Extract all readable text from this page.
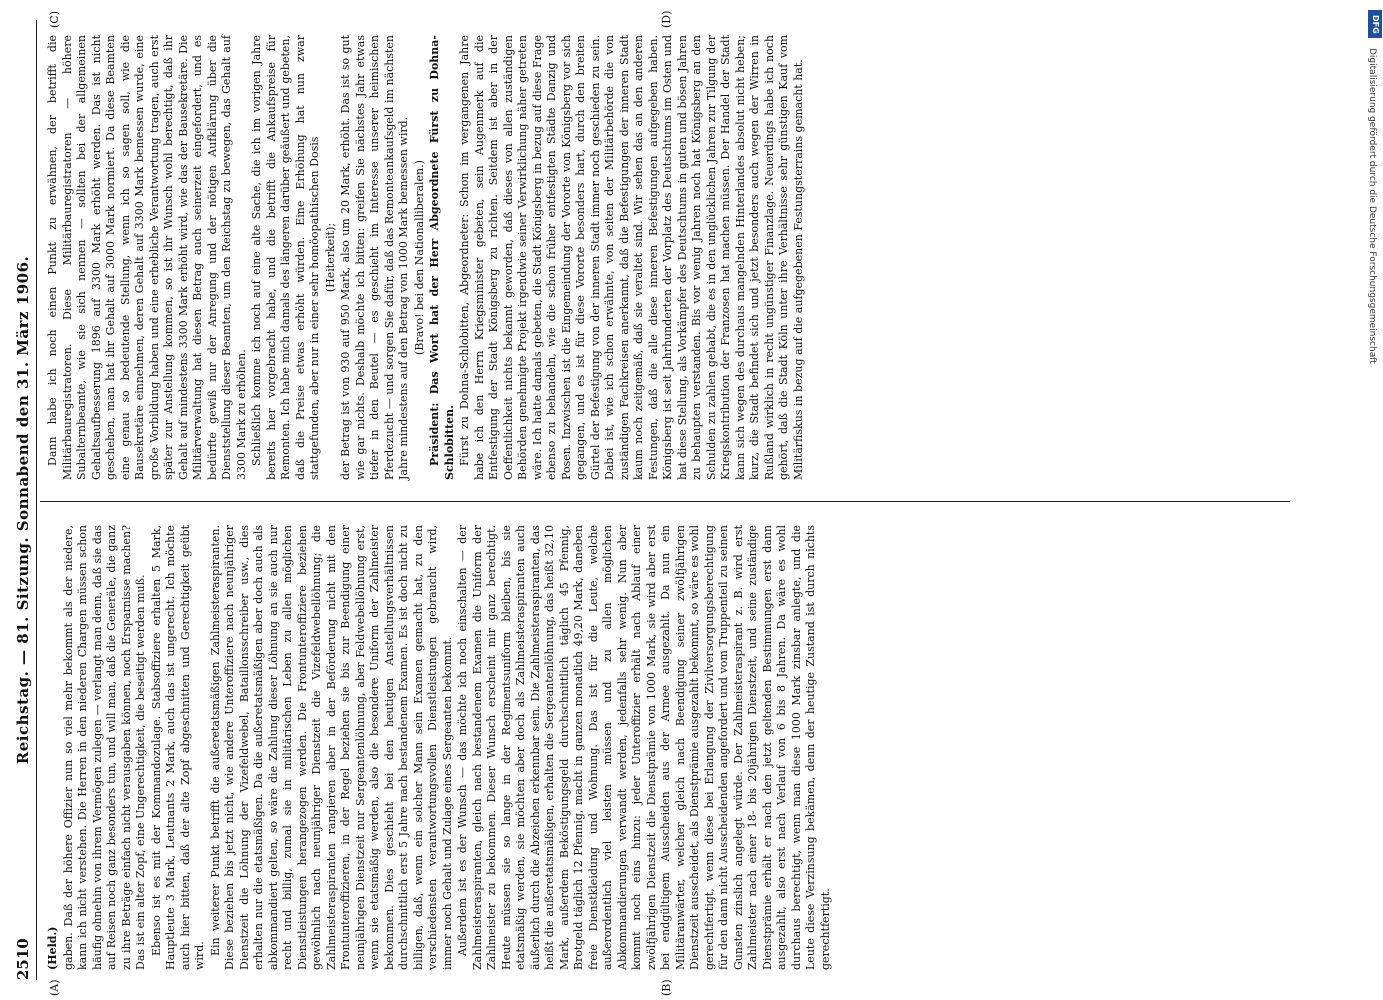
2510
Reichstag. — 81. Sitzung. Sonnabend den 31. März 1906.
(A)	(B)
(C)	(D)

(Held.) gaben. Daß der höhere Offizier nun so viel mehr bekommt als der niedere, kann ich nicht verstehen. Die Herren in den niederen Chargen müssen schon häufig ohnehin von ihrem Vermögen zulegen — verlangt man denn, daß sie das auf Reisen noch ganz besonders tun, und will man, daß die Generäle, die ganz zu ihre Beträge einfach nicht verausgaben können, noch Ersparnisse machen? Das ist ein alter Zopf, eine Ungerechtigkeit, die beseitigt werden muß. Ebenso ist es mit der Kommandozulage. Stabsoffiziere erhalten 5 Mark, Hauptleute 3 Mark, Leutnants 2 Mark, auch das ist ungerecht. Ich möchte auch hier bitten, daß der alte Zopf abgeschnitten und Gerechtigkeit geübt wird. Ein weiterer Punkt betrifft die außeretatsmäßigen Zahlmeisteraspiranten. Diese beziehen bis jetzt nicht, wie andere Unteroffiziere nach neunjähriger Dienstzeit die Löhnung der Vizefeldwebel, Bataillonsschreiber usw., dies erhalten nur die etatsmäßigen. Da die außeretatsmäßigen aber doch auch als abkommandiert gelten, so wäre die Zahlung dieser Löhnung an sie auch nur recht und billig, zumal sie in militärischen Leben zu allen möglichen Dienstleistungen herangezogen werden. Die Frontunteroffiziere beziehen gewöhnlich nach neunjähriger Dienstzeit die Vizefeldwebellöhnung; die Zahlmeisteraspiranten rangieren aber in der Beförderung nicht mit den Frontunteroffizieren, in der Regel beziehen sie bis zur Beendigung einer neunjährigen Dienstzeit nur Sergeantenlöhnung, aber Feldwebellöhnung erst, wenn sie etatsmäßig werden, also die besondere Uniform der Zahlmeister bekommen. Dies geschieht bei den heutigen Anstellungsverhältnissen durchschnittlich erst 5 Jahre nach bestandenem Examen. Es ist doch nicht zu billigen, daß, wenn ein solcher Mann sein Examen gemacht hat, zu den verschiedensten verantwortungsvollen Dienstleistungen gebraucht wird, immer noch Gehalt und Zulage eines Sergeanten bekommt. Außerdem ist es der Wunsch — das möchte ich noch einschalten — der Zahlmeisteraspiranten, gleich nach bestandenem Examen die Uniform der Zahlmeister zu bekommen. Dieser Wunsch erscheint mir ganz berechtigt. Heute müssen sie so lange in der Regimentsuniform bleiben, bis sie etatsmäßig werden, sie möchten aber doch als Zahlmeisteraspiranten auch äußerlich durch die Abzeichen erkennbar sein. Die Zahlmeisteraspiranten, das heißt die außeretatsmäßigen, erhalten die Sergeantenlöhnung, das heißt 32,10 Mark, außerdem Beköstigungsgeld durchschnittlich täglich 45 Pfennig, Brotgeld täglich 12 Pfennig, macht in ganzen monatlich 49,20 Mark, daneben freie Dienstkleidung und Wohnung. Das ist für die Leute, welche außerordentlich viel leisten müssen und zu allen möglichen Abkommandierungen verwandt werden, jedenfalls sehr wenig. Nun aber kommt noch eins hinzu: jeder Unteroffizier erhält nach Ablauf einer zwölfjährigen Dienstzeit die Dienstprämie von 1000 Mark, sie wird aber erst bei endgültigem Ausscheiden aus der Armee ausgezahlt. Da nun ein Militäranwärter, welcher gleich nach Beendigung seiner zwölfjährigen Dienstzeit ausscheidet, als Dienstprämie ausgezahlt bekommt, so wäre es wohl gerechtfertigt, wenn diese bei Erlangung der Zivilversorgungsberechtigung für den dann nicht Ausscheidenden angefordert und vom Truppenteil zu seinen Gunsten zinslich angelegt würde. Der Zahlmeisteraspirant z. B. wird erst Zahlmeister nach einer 18- bis 20jährigen Dienstzeit, und seine zuständige Dienstprämie erhält er nach den jetzt geltenden Bestimmungen erst dann ausgezahlt, also erst nach Verlauf von 6 bis 8 Jahren. Da wäre es wohl durchaus berechtigt, wenn man diese 1000 Mark zinsbar anlegte, und die Leute diese Verzinsung bekämen, denn der heutige Zustand ist durch nichts gerechtfertigt.

Dann habe ich noch einen Punkt zu erwähnen, der betrifft die Militärbauregistratoren. Diese Militärbauregistratoren — höhere Subalternbeamte, wie sie sich nennen — sollten bei der allgemeinen Gehaltsaufbesserung 1896 auf 3300 Mark erhöht werden. Das ist nicht geschehen, man hat ihr Gehalt auf 3000 Mark normiert. Da diese Beamten eine genau so bedeutende Stellung, wenn ich so sagen soll, wie die Bausekretäre einnehmen, deren Gehalt auf 3300 Mark bemessen wurde, eine große Vorbildung haben und eine erhebliche Verantwortung tragen, auch erst später zur Anstellung kommen, so ist ihr Wunsch wohl berechtigt, daß ihr Gehalt auf mindestens 3300 Mark erhöht wird, wie das der Bausekretäre. Die Militärverwaltung hat diesen Betrag auch seinerzeit eingefordert, und es bedürfte gewiß nur der Anregung und der nötigen Aufklärung über die Dienststellung dieser Beamten, um den Reichstag zu bewegen, das Gehalt auf 3300 Mark zu erhöhen. Schließlich komme ich noch auf eine alte Sache, die ich im vorigen Jahre bereits hier vorgebracht habe, und die betrifft die Ankaufspreise für Remonten. Ich habe mich damals des längeren darüber geäußert und gebeten, daß die Preise etwas erhöht würden. Eine Erhöhung hat nun zwar stattgefunden, aber nur in einer sehr homöopathischen Dosis (Heiterkeit); der Betrag ist von 930 auf 950 Mark, also um 20 Mark, erhöht. Das ist so gut wie gar nichts. Deshalb möchte ich bitten: greifen Sie nächstes Jahr etwas tiefer in den Beutel — es geschieht im Interesse unserer heimischen Pferdezucht — und sorgen Sie dafür, daß das Remonteankaufsgeld im nächsten Jahre mindestens auf den Betrag von 1000 Mark bemessen wird. (Bravo! bei den Nationalliberalen.) Präsident: Das Wort hat der Herr Abgeordnete Fürst zu Dohna-Schlobitten. Fürst zu Dohna-Schlobitten, Abgeordneter: Schon im vergangenen Jahre habe ich den Herrn Kriegsminister gebeten, sein Augenmerk auf die Entfestigung der Stadt Königsberg zu richten. Seitdem ist aber in der Oeffentlichkeit nichts bekannt geworden, daß dieses von allen zuständigen Behörden genehmigte Projekt irgendwie seiner Verwirklichung näher getreten wäre. Ich hatte damals gebeten, die Stadt Königsberg in bezug auf diese Frage ebenso zu behandeln, wie die schon früher entfestigten Städte Danzig und Posen. Inzwischen ist die Eingemeindung der Vororte von Königsberg vor sich gegangen, und es ist für diese Vororte besonders hart, durch den breiten Gürtel der Befestigung von der inneren Stadt immer noch geschieden zu sein. Dabei ist, wie ich schon erwähnte, von seiten der Militärbehörde die von zuständigen Fachkreisen anerkannt, daß die Befestigungen der inneren Stadt kaum noch zeitgemäß, daß sie veraltet sind. Wir sehen das an den anderen Festungen, daß die alle diese inneren Befestigungen aufgegeben haben. Königsberg ist seit Jahrhunderten der Vorplatz des Deutschtums im Osten und hat diese Stellung, als Vorkämpfer des Deutschtums in guten und bösen Jahren zu behaupten verstanden. Bis vor wenig Jahren noch hat Königsberg an den Schulden zu zahlen gehabt, die es in den unglücklichen Jahren zur Tilgung der Kriegskontribution der Franzosen hat machen müssen. Der Handel der Stadt kann sich wegen des durchaus mangelnden Hinterlandes absolut nicht heben; kurz, die Stadt befindet sich und jetzt besonders auch wegen der Wirren in Rußland wirklich in recht ungünstiger Finanzlage. Neuerdings habe ich noch gehört, daß die Stadt Köln unter ihre Verhältnisse sehr günstigen Kauf vom Militärfiskus in bezug auf die aufgegebenen Festungsterrains gemacht hat.

DFG
Digitalisierung gefördert durch die Deutsche Forschungsgemeinschaft
